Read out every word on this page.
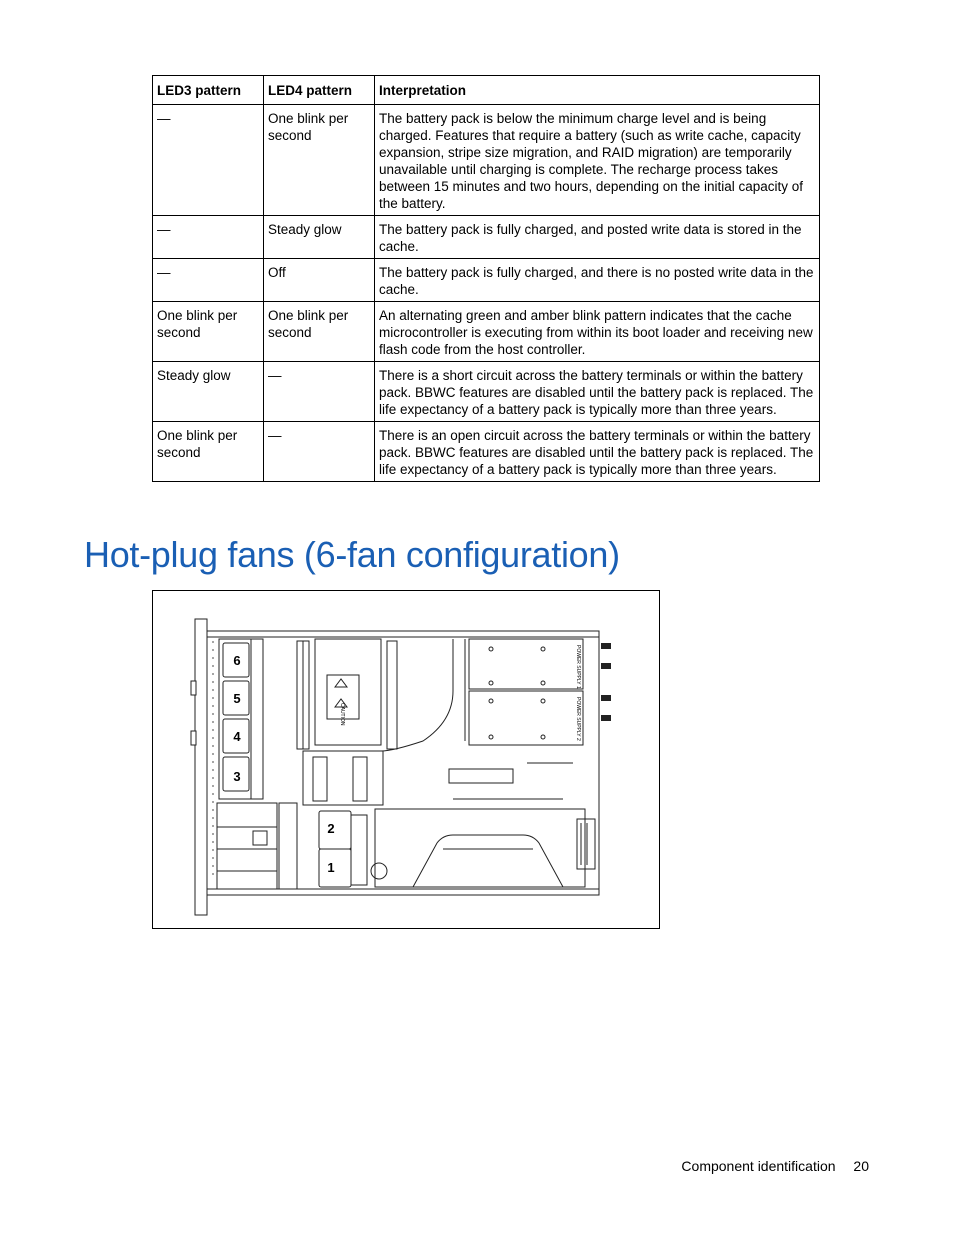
LED3 pattern	LED4 pattern	Interpretation
—	One blink per second	The battery pack is below the minimum charge level and is being charged. Features that require a battery (such as write cache, capacity expansion, stripe size migration, and RAID migration) are temporarily unavailable until charging is complete. The recharge process takes between 15 minutes and two hours, depending on the initial capacity of the battery.
—	Steady glow	The battery pack is fully charged, and posted write data is stored in the cache.
—	Off	The battery pack is fully charged, and there is no posted write data in the cache.
One blink per second	One blink per second	An alternating green and amber blink pattern indicates that the cache microcontroller is executing from within its boot loader and receiving new flash code from the host controller.
Steady glow	—	There is a short circuit across the battery terminals or within the battery pack. BBWC features are disabled until the battery pack is replaced. The life expectancy of a battery pack is typically more than three years.
One blink per second	—	There is an open circuit across the battery terminals or within the battery pack. BBWC features are disabled until the battery pack is replaced. The life expectancy of a battery pack is typically more than three years.
Hot-plug fans (6-fan configuration)
6
5
4
3
2
1
CAUTION
POWER SUPPLY 1
POWER SUPPLY 2
Component identification 20
